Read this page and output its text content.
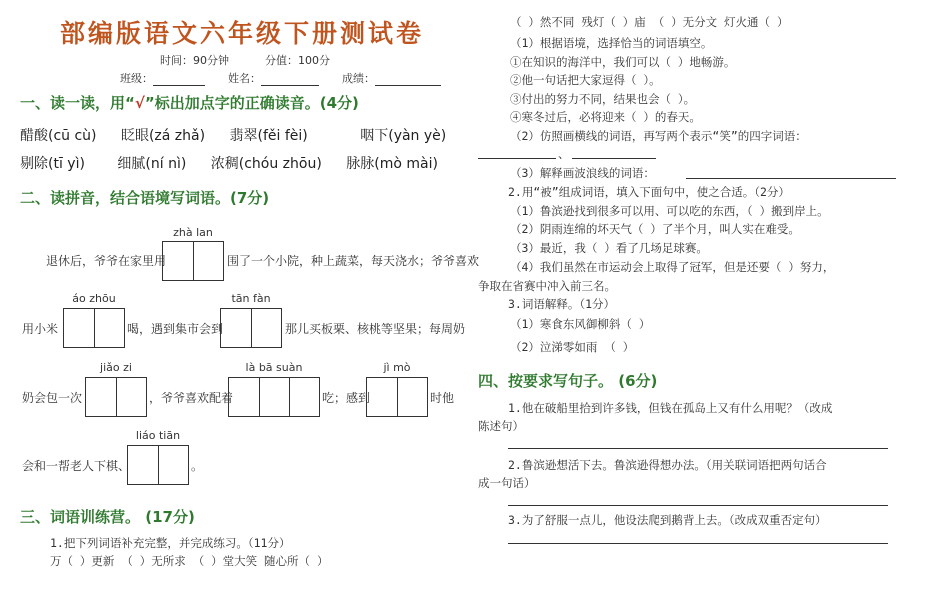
部编版语文六年级下册测试卷
时间：90分钟	分值：100分
班级：	姓名：	成绩：
一、读一读，用“√”标出加点字的正确读音。(4分)
醋酸(cū cù) 眨眼(zá zhǎ) 翡翠(fěi fèi)	咽下(yàn yè)
剔除(tī yì) 细腻(ní nì) 浓稠(chóu zhōu) 脉脉(mò mài)
二、读拼音，结合语境写词语。(7分)
zhà lan
áo zhōu	tān fàn
jiǎo zi	là bā suàn	jì mò
liáo tiān
退休后，爷爷在家里用	围了一个小院，种上蔬菜，每天浇水；爷爷喜欢
用小米	喝，遇到集市会到	那儿买板栗、核桃等坚果；每周奶
奶会包一次	，爷爷喜欢配着	吃；感到	时他
会和一帮老人下棋、	。
三、词语训练营。 (17分)
1.把下列词语补充完整，并完成练习。（11分）
万（ ）更新 （ ）无所求 （ ）堂大笑 随心所（ ）
（ ）然不同 残灯（ ）庙 （ ）无分文 灯火通（ ）
（1）根据语境，选择恰当的词语填空。
①在知识的海洋中，我们可以（ ）地畅游。
②他一句话把大家逗得（ ）。
③付出的努力不同，结果也会（ ）。
④寒冬过后，必将迎来（ ）的春天。
（2）仿照画横线的词语，再写两个表示“笑”的四字词语：
、
（3）解释画波浪线的词语：
2.用“被”组成词语，填入下面句中，使之合适。（2分）
（1）鲁滨逊找到很多可以用、可以吃的东西，（ ）搬到岸上。
（2）阴雨连绵的坏天气（ ）了半个月，叫人实在难受。
（3）最近，我（ ）看了几场足球赛。
（4）我们虽然在市运动会上取得了冠军，但是还要（ ）努力，
争取在省赛中冲入前三名。
3.词语解释。（1分）
（1）寒食东风御柳斜（ ）
（2）泣涕零如雨 （ ）
四、按要求写句子。 (6分)
1.他在破船里拾到许多钱，但钱在孤岛上又有什么用呢？（改成
陈述句）
2.鲁滨逊想活下去。鲁滨逊得想办法。（用关联词语把两句话合
成一句话）
3.为了舒服一点儿，他设法爬到鹅背上去。（改成双重否定句）
